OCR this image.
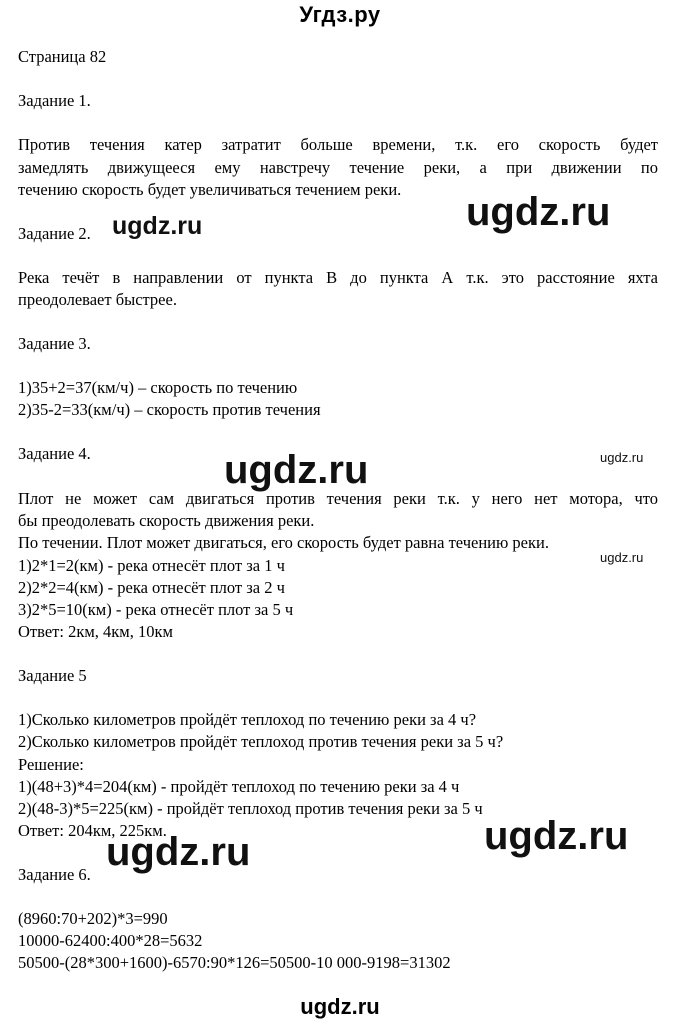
Угдз.ру
Страница 82
Задание 1.
Против течения катер затратит больше времени, т.к. его скорость будет
замедлять движущееся ему навстречу течение реки, а при движении по
течению скорость будет увеличиваться течением реки.
Задание 2.
Река течёт в направлении от пункта В до пункта А т.к. это расстояние яхта
преодолевает быстрее.
Задание 3.
1)35+2=37(км/ч) – скорость по течению
2)35-2=33(км/ч) – скорость против течения
Задание 4.
Плот не может сам двигаться против течения реки т.к. у него нет мотора, что
бы преодолевать скорость движения реки.
По течении. Плот может двигаться, его скорость будет равна течению реки.
1)2*1=2(км) - река отнесёт плот за 1 ч
2)2*2=4(км) - река отнесёт плот за 2 ч
3)2*5=10(км) - река отнесёт плот за 5 ч
Ответ: 2км, 4км, 10км
Задание 5
1)Сколько километров пройдёт теплоход по течению реки за 4 ч?
2)Сколько километров пройдёт теплоход против течения реки за 5 ч?
Решение:
1)(48+3)*4=204(км) - пройдёт теплоход по течению реки за 4 ч
2)(48-3)*5=225(км) - пройдёт теплоход против течения реки за 5 ч
Ответ: 204км, 225км.
Задание 6.
(8960:70+202)*3=990
10000-62400:400*28=5632
50500-(28*300+1600)-6570:90*126=50500-10 000-9198=31302
ugdz.ru	ugdz.ru
ugdz.ru
ugdz.ru
ugdz.ru
ugdz.ru
ugdz.ru
ugdz.ru
